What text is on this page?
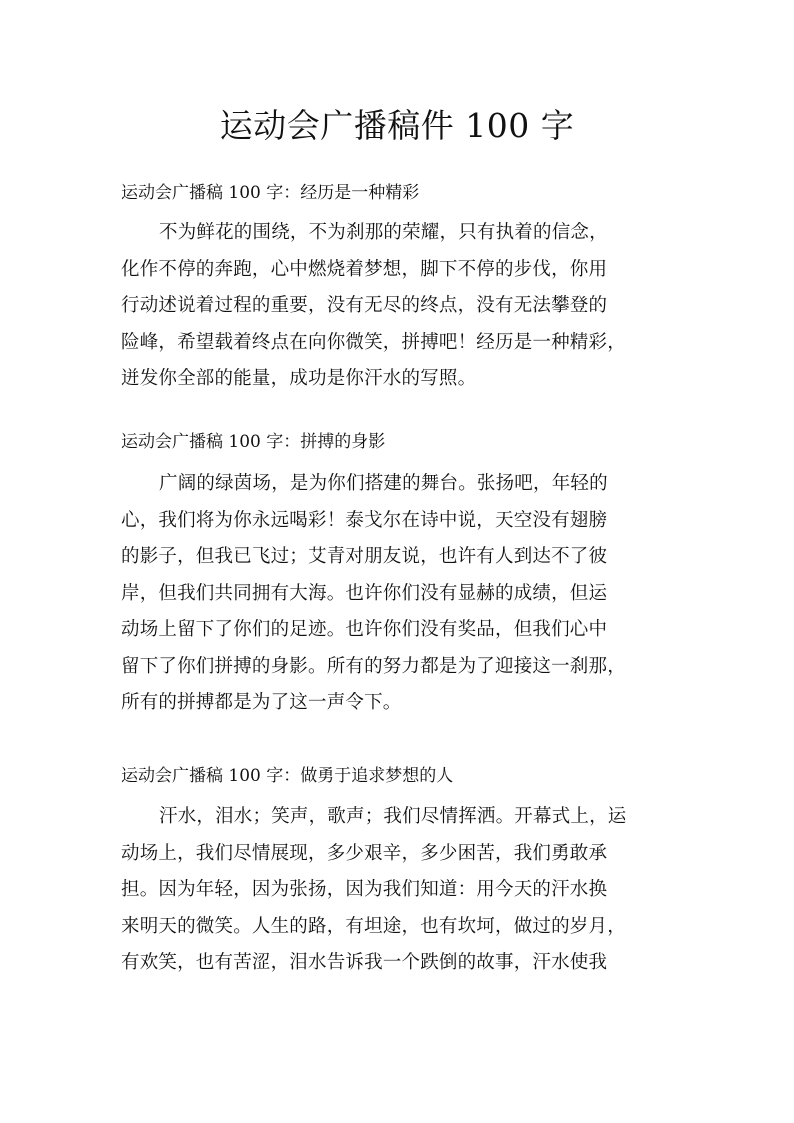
运动会广播稿件 100 字
运动会广播稿 100 字：经历是一种精彩
不为鲜花的围绕，不为刹那的荣耀，只有执着的信念，
化作不停的奔跑，心中燃烧着梦想，脚下不停的步伐，你用
行动述说着过程的重要，没有无尽的终点，没有无法攀登的
险峰，希望载着终点在向你微笑，拼搏吧！经历是一种精彩，
迸发你全部的能量，成功是你汗水的写照。
运动会广播稿 100 字：拼搏的身影
广阔的绿茵场，是为你们搭建的舞台。张扬吧，年轻的
心，我们将为你永远喝彩！泰戈尔在诗中说，天空没有翅膀
的影子，但我已飞过；艾青对朋友说，也许有人到达不了彼
岸，但我们共同拥有大海。也许你们没有显赫的成绩，但运
动场上留下了你们的足迹。也许你们没有奖品，但我们心中
留下了你们拼搏的身影。所有的努力都是为了迎接这一刹那，
所有的拼搏都是为了这一声令下。
运动会广播稿 100 字：做勇于追求梦想的人
汗水，泪水；笑声，歌声；我们尽情挥洒。开幕式上，运
动场上，我们尽情展现，多少艰辛，多少困苦，我们勇敢承
担。因为年轻，因为张扬，因为我们知道：用今天的汗水换
来明天的微笑。人生的路，有坦途，也有坎坷，做过的岁月，
有欢笑，也有苦涩，泪水告诉我一个跌倒的故事，汗水使我
